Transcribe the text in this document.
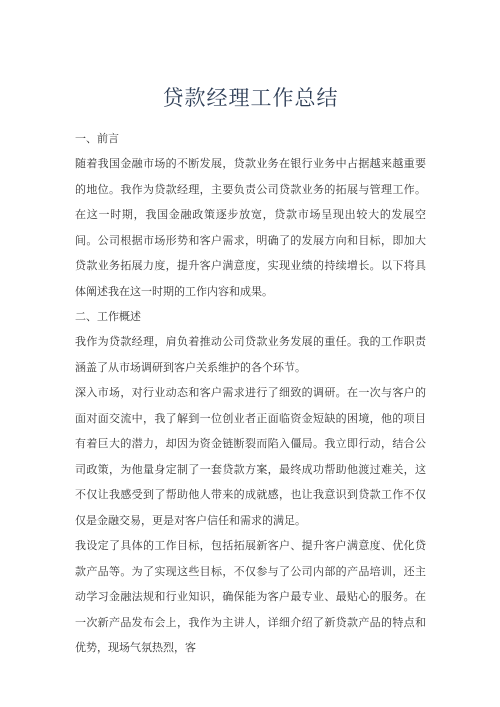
贷款经理工作总结
一、前言

随着我国金融市场的不断发展，贷款业务在银行业务中占据越来越重要的地位。我作为贷款经理，主要负责公司贷款业务的拓展与管理工作。在这一时期，我国金融政策逐步放宽，贷款市场呈现出较大的发展空间。公司根据市场形势和客户需求，明确了的发展方向和目标，即加大贷款业务拓展力度，提升客户满意度，实现业绩的持续增长。以下将具体阐述我在这一时期的工作内容和成果。

二、工作概述

我作为贷款经理，肩负着推动公司贷款业务发展的重任。我的工作职责涵盖了从市场调研到客户关系维护的各个环节。

深入市场，对行业动态和客户需求进行了细致的调研。在一次与客户的面对面交流中，我了解到一位创业者正面临资金短缺的困境，他的项目有着巨大的潜力，却因为资金链断裂而陷入僵局。我立即行动，结合公司政策，为他量身定制了一套贷款方案，最终成功帮助他渡过难关，这不仅让我感受到了帮助他人带来的成就感，也让我意识到贷款工作不仅仅是金融交易，更是对客户信任和需求的满足。

我设定了具体的工作目标，包括拓展新客户、提升客户满意度、优化贷款产品等。为了实现这些目标，不仅参与了公司内部的产品培训，还主动学习金融法规和行业知识，确保能为客户最专业、最贴心的服务。在一次新产品发布会上，我作为主讲人，详细介绍了新贷款产品的特点和优势，现场气氛热烈，客
